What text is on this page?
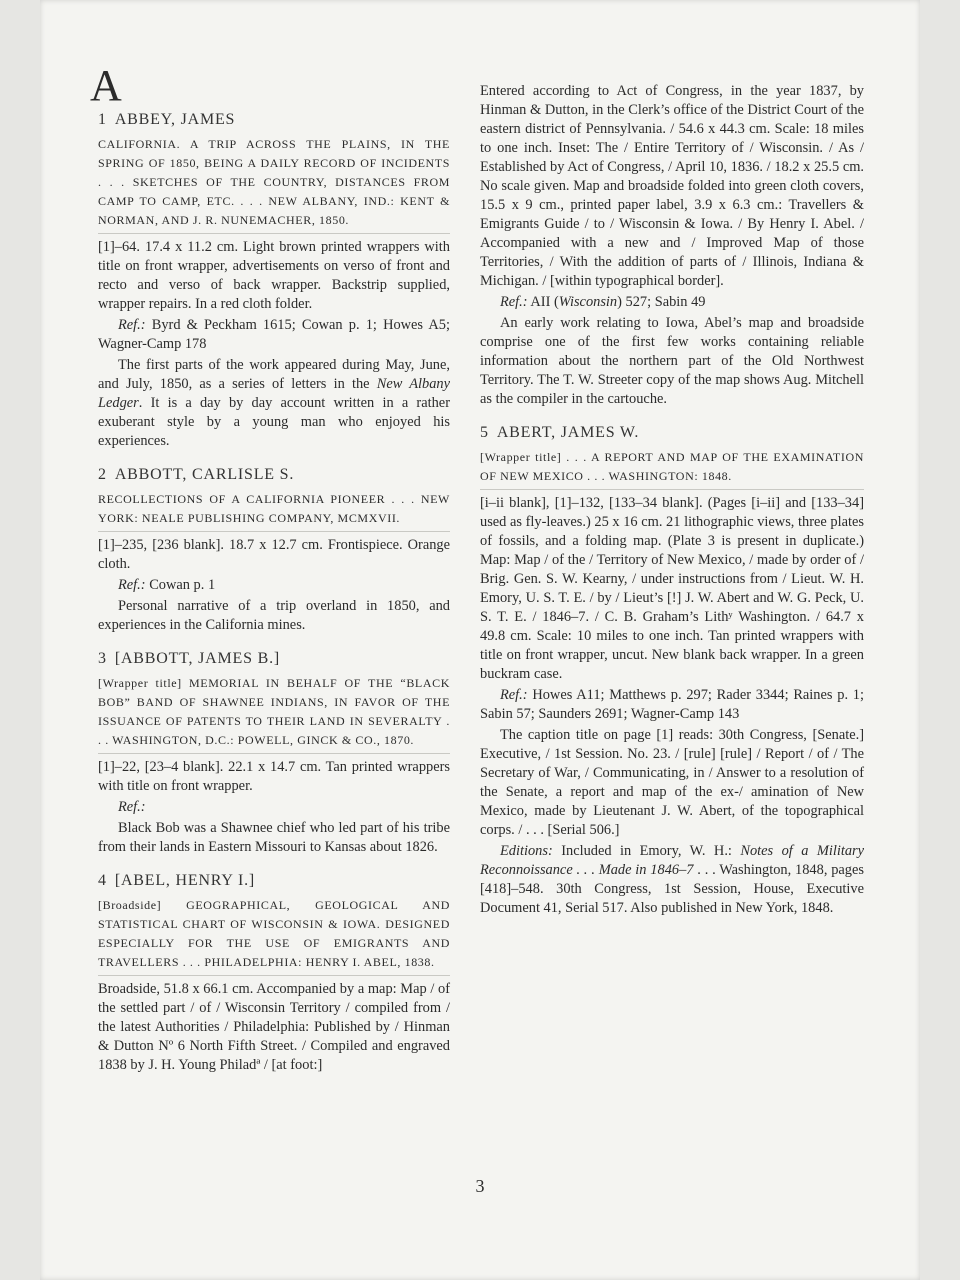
A
1 ABBEY, JAMES
CALIFORNIA. A TRIP ACROSS THE PLAINS, IN THE SPRING OF 1850, BEING A DAILY RECORD OF INCIDENTS . . . SKETCHES OF THE COUNTRY, DISTANCES FROM CAMP TO CAMP, ETC. . . . NEW ALBANY, IND.: KENT & NORMAN, AND J. R. NUNEMACHER, 1850.
[1]–64. 17.4 x 11.2 cm. Light brown printed wrappers with title on front wrapper, advertisements on verso of front and recto and verso of back wrapper. Backstrip supplied, wrapper repairs. In a red cloth folder.
Ref.: Byrd & Peckham 1615; Cowan p. 1; Howes A5; Wagner-Camp 178
The first parts of the work appeared during May, June, and July, 1850, as a series of letters in the New Albany Ledger. It is a day by day account written in a rather exuberant style by a young man who enjoyed his experiences.
2 ABBOTT, CARLISLE S.
RECOLLECTIONS OF A CALIFORNIA PIONEER . . . NEW YORK: NEALE PUBLISHING COMPANY, MCMXVII.
[1]–235, [236 blank]. 18.7 x 12.7 cm. Frontispiece. Orange cloth.
Ref.: Cowan p. 1
Personal narrative of a trip overland in 1850, and experiences in the California mines.
3 [ABBOTT, JAMES B.]
[Wrapper title] MEMORIAL IN BEHALF OF THE “BLACK BOB” BAND OF SHAWNEE INDIANS, IN FAVOR OF THE ISSUANCE OF PATENTS TO THEIR LAND IN SEVERALTY . . . WASHINGTON, D.C.: POWELL, GINCK & CO., 1870.
[1]–22, [23–4 blank]. 22.1 x 14.7 cm. Tan printed wrappers with title on front wrapper.
Ref.:
Black Bob was a Shawnee chief who led part of his tribe from their lands in Eastern Missouri to Kansas about 1826.
4 [ABEL, HENRY I.]
[Broadside] GEOGRAPHICAL, GEOLOGICAL AND STATISTICAL CHART OF WISCONSIN & IOWA. DESIGNED ESPECIALLY FOR THE USE OF EMIGRANTS AND TRAVELLERS . . . PHILADELPHIA: HENRY I. ABEL, 1838.
Broadside, 51.8 x 66.1 cm. Accompanied by a map: Map / of the settled part / of / Wisconsin Territory / compiled from / the latest Authorities / Philadelphia: Published by / Hinman & Dutton Nº 6 North Fifth Street. / Compiled and engraved 1838 by J. H. Young Philadª / [at foot:]
Entered according to Act of Congress, in the year 1837, by Hinman & Dutton, in the Clerk’s office of the District Court of the eastern district of Pennsylvania. / 54.6 x 44.3 cm. Scale: 18 miles to one inch. Inset: The / Entire Territory of / Wisconsin. / As / Established by Act of Congress, / April 10, 1836. / 18.2 x 25.5 cm. No scale given. Map and broadside folded into green cloth covers, 15.5 x 9 cm., printed paper label, 3.9 x 6.3 cm.: Travellers & Emigrants Guide / to / Wisconsin & Iowa. / By Henry I. Abel. / Accompanied with a new and / Improved Map of those Territories, / With the addition of parts of / Illinois, Indiana & Michigan. / [within typographical border].
Ref.: AII (Wisconsin) 527; Sabin 49
An early work relating to Iowa, Abel’s map and broadside comprise one of the first few works containing reliable information about the northern part of the Old Northwest Territory. The T. W. Streeter copy of the map shows Aug. Mitchell as the compiler in the cartouche.
5 ABERT, JAMES W.
[Wrapper title] . . . A REPORT AND MAP OF THE EXAMINATION OF NEW MEXICO . . . WASHINGTON: 1848.
[i–ii blank], [1]–132, [133–34 blank]. (Pages [i–ii] and [133–34] used as fly-leaves.) 25 x 16 cm. 21 lithographic views, three plates of fossils, and a folding map. (Plate 3 is present in duplicate.) Map: Map / of the / Territory of New Mexico, / made by order of / Brig. Gen. S. W. Kearny, / under instructions from / Lieut. W. H. Emory, U. S. T. E. / by / Lieut’s [!] J. W. Abert and W. G. Peck, U. S. T. E. / 1846–7. / C. B. Graham’s Lithʸ Washington. / 64.7 x 49.8 cm. Scale: 10 miles to one inch. Tan printed wrappers with title on front wrapper, uncut. New blank back wrapper. In a green buckram case.
Ref.: Howes A11; Matthews p. 297; Rader 3344; Raines p. 1; Sabin 57; Saunders 2691; Wagner-Camp 143
The caption title on page [1] reads: 30th Congress, [Senate.] Executive, / 1st Session. No. 23. / [rule] [rule] / Report / of / The Secretary of War, / Communicating, in / Answer to a resolution of the Senate, a report and map of the ex-/ amination of New Mexico, made by Lieutenant J. W. Abert, of the topographical corps. / . . . [Serial 506.]
Editions: Included in Emory, W. H.: Notes of a Military Reconnoissance . . . Made in 1846–7 . . . Washington, 1848, pages [418]–548. 30th Congress, 1st Session, House, Executive Document 41, Serial 517. Also published in New York, 1848.
3
